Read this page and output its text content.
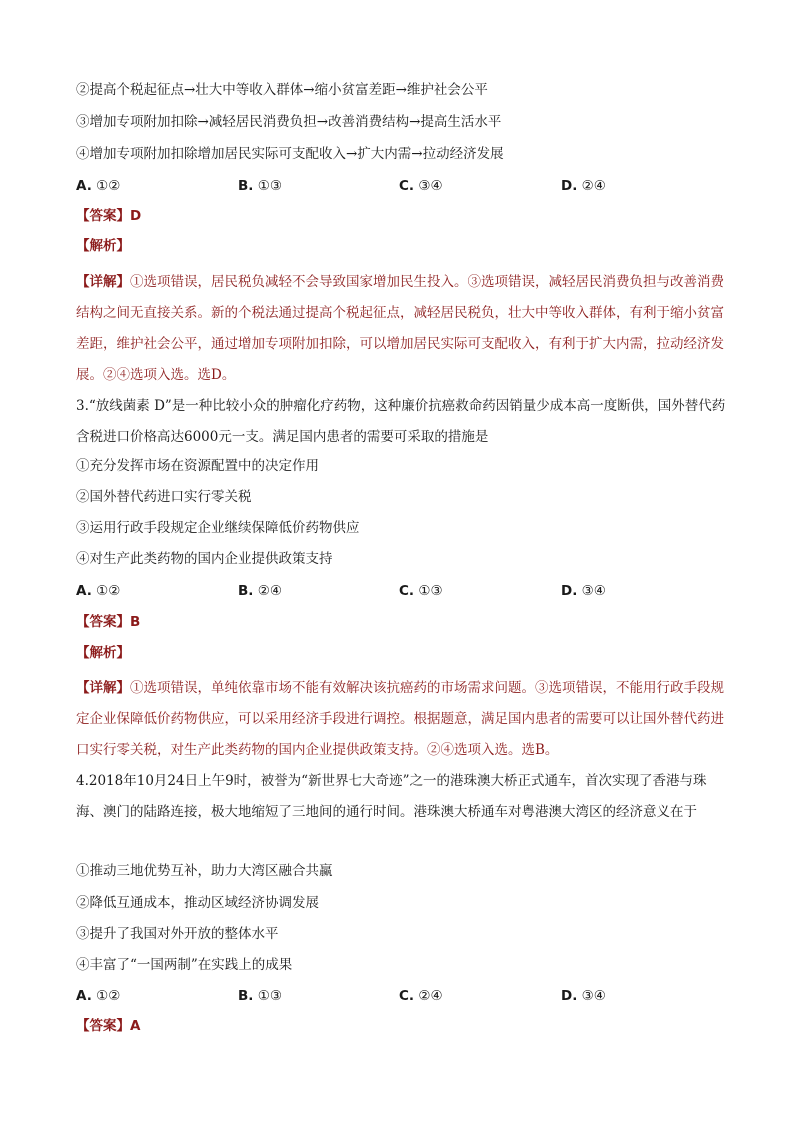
②提高个税起征点→壮大中等收入群体→缩小贫富差距→维护社会公平
③增加专项附加扣除→减轻居民消费负担→改善消费结构→提高生活水平
④增加专项附加扣除增加居民实际可支配收入→扩大内需→拉动经济发展
A. ①②	B. ①③	C. ③④	D. ②④
【答案】D
【解析】
【详解】①选项错误，居民税负减轻不会导致国家增加民生投入。③选项错误，减轻居民消费负担与改善消费结构之间无直接关系。新的个税法通过提高个税起征点，减轻居民税负，壮大中等收入群体，有利于缩小贫富差距，维护社会公平，通过增加专项附加扣除，可以增加居民实际可支配收入，有利于扩大内需，拉动经济发展。②④选项入选。选D。
3.“放线菌素 D”是一种比较小众的肿瘤化疗药物，这种廉价抗癌救命药因销量少成本高一度断供，国外替代药含税进口价格高达6000元一支。满足国内患者的需要可采取的措施是
①充分发挥市场在资源配置中的决定作用
②国外替代药进口实行零关税
③运用行政手段规定企业继续保障低价药物供应
④对生产此类药物的国内企业提供政策支持
A. ①②	B. ②④	C. ①③	D. ③④
【答案】B
【解析】
【详解】①选项错误，单纯依靠市场不能有效解决该抗癌药的市场需求问题。③选项错误，不能用行政手段规定企业保障低价药物供应，可以采用经济手段进行调控。根据题意，满足国内患者的需要可以让国外替代药进口实行零关税，对生产此类药物的国内企业提供政策支持。②④选项入选。选B。
4.2018年10月24日上午9时，被誉为“新世界七大奇迹”之一的港珠澳大桥正式通车，首次实现了香港与珠海、澳门的陆路连接，极大地缩短了三地间的通行时间。港珠澳大桥通车对粤港澳大湾区的经济意义在于
①推动三地优势互补，助力大湾区融合共赢
②降低互通成本，推动区域经济协调发展
③提升了我国对外开放的整体水平
④丰富了“一国两制”在实践上的成果
A. ①②	B. ①③	C. ②④	D. ③④
【答案】A
